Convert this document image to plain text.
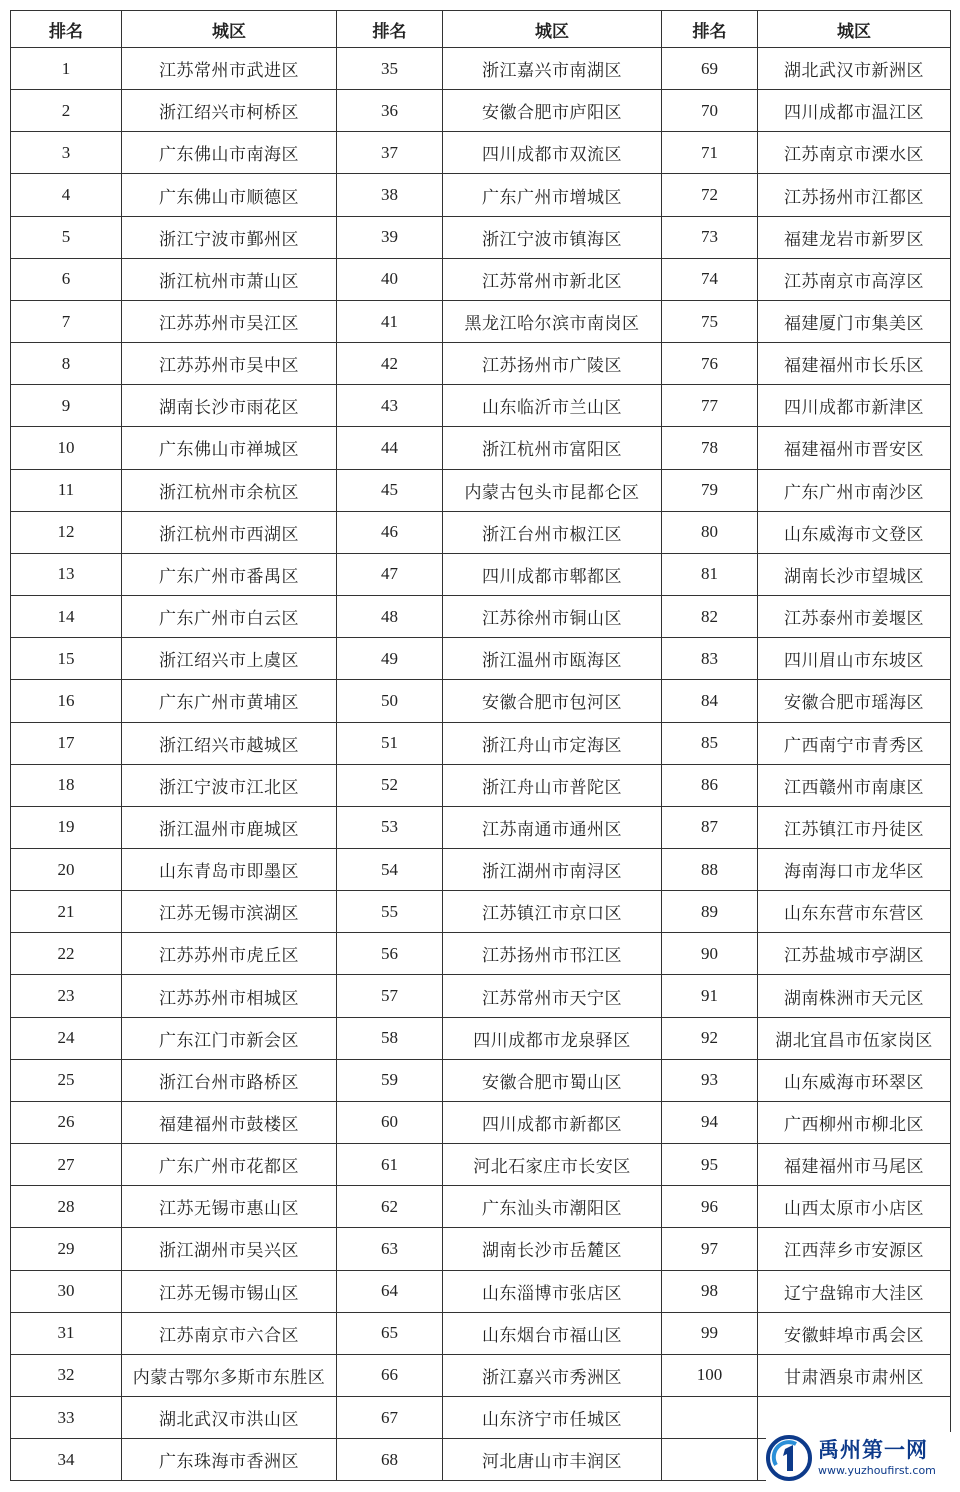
排名	城区	排名	城区	排名	城区
1	江苏常州市武进区	35	浙江嘉兴市南湖区	69	湖北武汉市新洲区
2	浙江绍兴市柯桥区	36	安徽合肥市庐阳区	70	四川成都市温江区
3	广东佛山市南海区	37	四川成都市双流区	71	江苏南京市溧水区
4	广东佛山市顺德区	38	广东广州市增城区	72	江苏扬州市江都区
5	浙江宁波市鄞州区	39	浙江宁波市镇海区	73	福建龙岩市新罗区
6	浙江杭州市萧山区	40	江苏常州市新北区	74	江苏南京市高淳区
7	江苏苏州市吴江区	41	黑龙江哈尔滨市南岗区	75	福建厦门市集美区
8	江苏苏州市吴中区	42	江苏扬州市广陵区	76	福建福州市长乐区
9	湖南长沙市雨花区	43	山东临沂市兰山区	77	四川成都市新津区
10	广东佛山市禅城区	44	浙江杭州市富阳区	78	福建福州市晋安区
11	浙江杭州市余杭区	45	内蒙古包头市昆都仑区	79	广东广州市南沙区
12	浙江杭州市西湖区	46	浙江台州市椒江区	80	山东威海市文登区
13	广东广州市番禺区	47	四川成都市郫都区	81	湖南长沙市望城区
14	广东广州市白云区	48	江苏徐州市铜山区	82	江苏泰州市姜堰区
15	浙江绍兴市上虞区	49	浙江温州市瓯海区	83	四川眉山市东坡区
16	广东广州市黄埔区	50	安徽合肥市包河区	84	安徽合肥市瑶海区
17	浙江绍兴市越城区	51	浙江舟山市定海区	85	广西南宁市青秀区
18	浙江宁波市江北区	52	浙江舟山市普陀区	86	江西赣州市南康区
19	浙江温州市鹿城区	53	江苏南通市通州区	87	江苏镇江市丹徒区
20	山东青岛市即墨区	54	浙江湖州市南浔区	88	海南海口市龙华区
21	江苏无锡市滨湖区	55	江苏镇江市京口区	89	山东东营市东营区
22	江苏苏州市虎丘区	56	江苏扬州市邗江区	90	江苏盐城市亭湖区
23	江苏苏州市相城区	57	江苏常州市天宁区	91	湖南株洲市天元区
24	广东江门市新会区	58	四川成都市龙泉驿区	92	湖北宜昌市伍家岗区
25	浙江台州市路桥区	59	安徽合肥市蜀山区	93	山东威海市环翠区
26	福建福州市鼓楼区	60	四川成都市新都区	94	广西柳州市柳北区
27	广东广州市花都区	61	河北石家庄市长安区	95	福建福州市马尾区
28	江苏无锡市惠山区	62	广东汕头市潮阳区	96	山西太原市小店区
29	浙江湖州市吴兴区	63	湖南长沙市岳麓区	97	江西萍乡市安源区
30	江苏无锡市锡山区	64	山东淄博市张店区	98	辽宁盘锦市大洼区
31	江苏南京市六合区	65	山东烟台市福山区	99	安徽蚌埠市禹会区
32	内蒙古鄂尔多斯市东胜区	66	浙江嘉兴市秀洲区	100	甘肃酒泉市肃州区
33	湖北武汉市洪山区	67	山东济宁市任城区		
34	广东珠海市香洲区	68	河北唐山市丰润区		
禹州第一网
www.yuzhoufirst.com
